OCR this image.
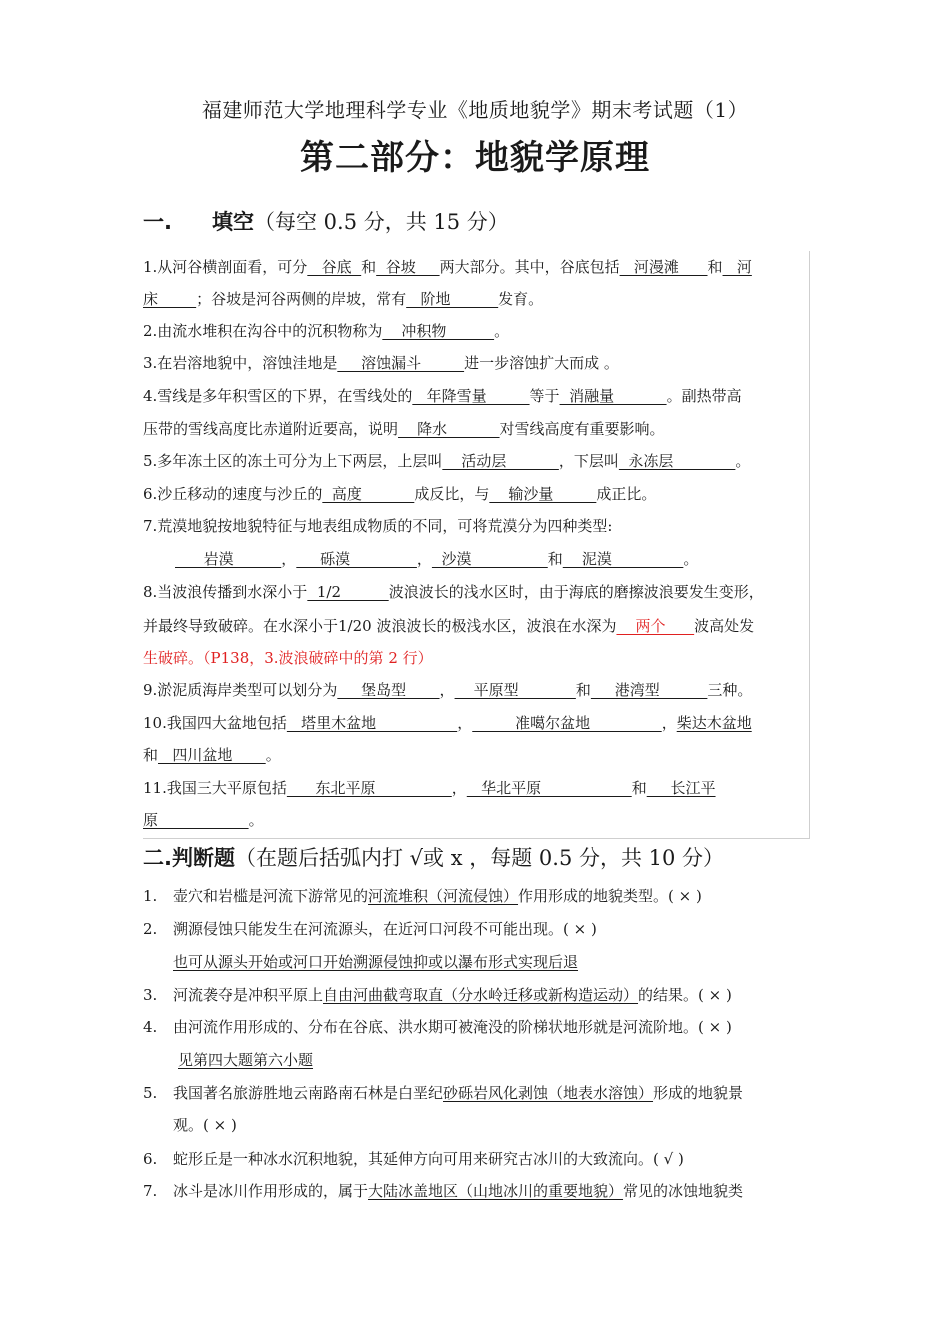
福建师范大学地理科学专业《地质地貌学》期末考试题（1）
第二部分：地貌学原理
一. 填空（每空 0.5 分，共 15 分）
1.从河谷横剖面看，可分   谷底  和  谷坡     两大部分。其中，谷底包括   河漫滩      和   河
床        ；谷坡是河谷两侧的岸坡，常有   阶地          发育。
2.由流水堆积在沟谷中的沉积物称为    冲积物          。
3.在岩溶地貌中，溶蚀洼地是     溶蚀漏斗         进一步溶蚀扩大而成 。
4.雪线是多年积雪区的下界，在雪线处的   年降雪量         等于  消融量           。副热带高
压带的雪线高度比赤道附近要高，说明    降水           对雪线高度有重要影响。
5.多年冻土区的冻土可分为上下两层，上层叫    活动层           ，下层叫  永冻层             。
6.沙丘移动的速度与沙丘的  高度           成反比，与    输沙量         成正比。
7.荒漠地貌按地貌特征与地表组成物质的不同，可将荒漠分为四种类型:
岩漠          ，     砾漠              ，  沙漠                和    泥漠               。
8.当波浪传播到水深小于  1/2          波浪波长的浅水区时，由于海底的磨擦波浪要发生变形，
并最终导致破碎。在水深小于1/20 波浪波长的极浅水区，波浪在水深为    两个      波高处发
生破碎。（P138，3.波浪破碎中的第 2 行）
9.淤泥质海岸类型可以划分为     堡岛型       ，    平原型            和     港湾型          三种。
10.我国四大盆地包括   塔里木盆地                 ，         准噶尔盆地               ，柴达木盆地
和   四川盆地       。
11.我国三大平原包括      东北平原                ，   华北平原                   和     长江平
原                   。
二.判断题（在题后括弧内打 √或 x ，每题 0.5 分，共 10 分）
1. 壶穴和岩槛是河流下游常见的河流堆积（河流侵蚀）作用形成的地貌类型。( × )
2. 溯源侵蚀只能发生在河流源头，在近河口河段不可能出现。( × )
也可从源头开始或河口开始溯源侵蚀抑或以瀑布形式实现后退
3. 河流袭夺是冲积平原上自由河曲截弯取直（分水岭迁移或新构造运动）的结果。( × )
4. 由河流作用形成的、分布在谷底、洪水期可被淹没的阶梯状地形就是河流阶地。( × )
见第四大题第六小题
5. 我国著名旅游胜地云南路南石林是白垩纪砂砾岩风化剥蚀（地表水溶蚀）形成的地貌景
观。( × )
6. 蛇形丘是一种冰水沉积地貌，其延伸方向可用来研究古冰川的大致流向。( √ )
7. 冰斗是冰川作用形成的，属于大陆冰盖地区（山地冰川的重要地貌）常见的冰蚀地貌类
